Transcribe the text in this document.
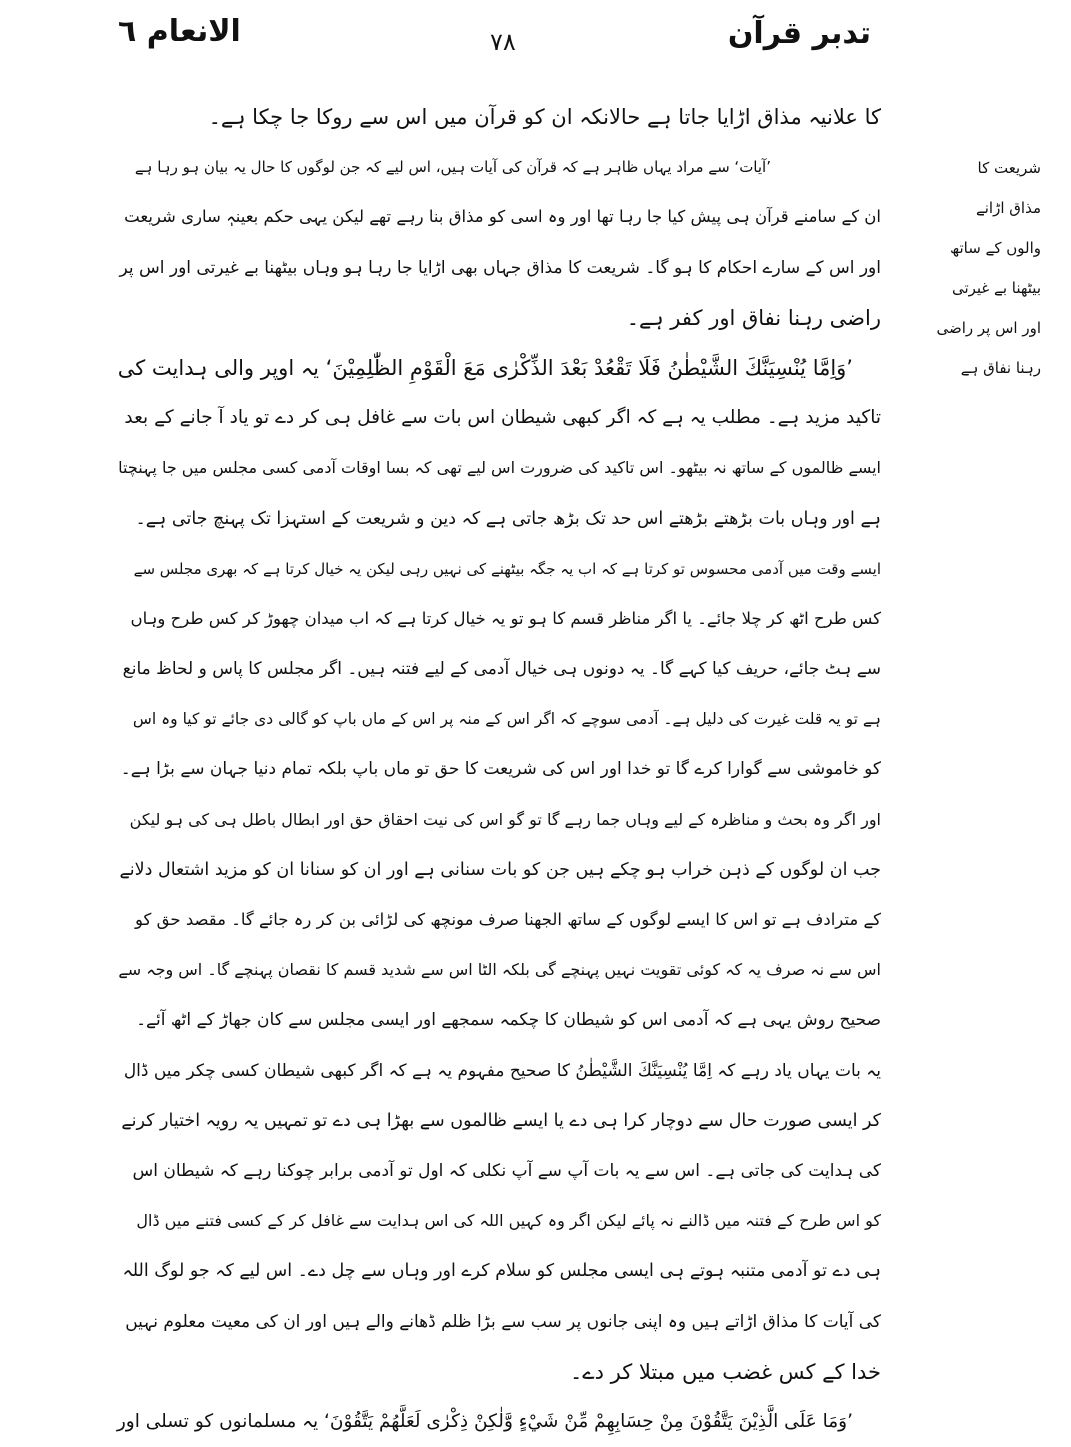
تدبر قرآن
۷۸
الانعام ٦
کا علانیہ مذاق اڑایا جاتا ہے حالانکہ ان کو قرآن میں اس سے روکا جا چکا ہے۔
’آیات‘ سے مراد یہاں ظاہر ہے کہ قرآن کی آیات ہیں، اس لیے کہ جن لوگوں کا حال یہ بیان ہو رہا ہے
ان کے سامنے قرآن ہی پیش کیا جا رہا تھا اور وہ اسی کو مذاق بنا رہے تھے لیکن یہی حکم بعینہٖ ساری شریعت
اور اس کے سارے احکام کا ہو گا۔ شریعت کا مذاق جہاں بھی اڑایا جا رہا ہو وہاں بیٹھنا بے غیرتی اور اس پر
راضی رہنا نفاق اور کفر ہے۔
’وَاِمَّا يُنْسِيَنَّكَ الشَّيْطٰنُ فَلَا تَقْعُدْ بَعْدَ الذِّكْرٰى مَعَ الْقَوْمِ الظّٰلِمِيْنَ‘ یہ اوپر والی ہدایت کی
تاکید مزید ہے۔ مطلب یہ ہے کہ اگر کبھی شیطان اس بات سے غافل ہی کر دے تو یاد آ جانے کے بعد
ایسے ظالموں کے ساتھ نہ بیٹھو۔ اس تاکید کی ضرورت اس لیے تھی کہ بسا اوقات آدمی کسی مجلس میں جا پہنچتا
ہے اور وہاں بات بڑھتے بڑھتے اس حد تک بڑھ جاتی ہے کہ دین و شریعت کے استہزا تک پہنچ جاتی ہے۔
ایسے وقت میں آدمی محسوس تو کرتا ہے کہ اب یہ جگہ بیٹھنے کی نہیں رہی لیکن یہ خیال کرتا ہے کہ بھری مجلس سے
کس طرح اٹھ کر چلا جائے۔ یا اگر مناظر قسم کا ہو تو یہ خیال کرتا ہے کہ اب میدان چھوڑ کر کس طرح وہاں
سے ہٹ جائے، حریف کیا کہے گا۔ یہ دونوں ہی خیال آدمی کے لیے فتنہ ہیں۔ اگر مجلس کا پاس و لحاظ مانع
ہے تو یہ قلت غیرت کی دلیل ہے۔ آدمی سوچے کہ اگر اس کے منہ پر اس کے ماں باپ کو گالی دی جائے تو کیا وہ اس
کو خاموشی سے گوارا کرے گا تو خدا اور اس کی شریعت کا حق تو ماں باپ بلکہ تمام دنیا جہان سے بڑا ہے۔
اور اگر وہ بحث و مناظرہ کے لیے وہاں جما رہے گا تو گو اس کی نیت احقاق حق اور ابطال باطل ہی کی ہو لیکن
جب ان لوگوں کے ذہن خراب ہو چکے ہیں جن کو بات سنانی ہے اور ان کو سنانا ان کو مزید اشتعال دلانے
کے مترادف ہے تو اس کا ایسے لوگوں کے ساتھ الجھنا صرف مونچھ کی لڑائی بن کر رہ جائے گا۔ مقصد حق کو
اس سے نہ صرف یہ کہ کوئی تقویت نہیں پہنچے گی بلکہ الٹا اس سے شدید قسم کا نقصان پہنچے گا۔ اس وجہ سے
صحیح روش یہی ہے کہ آدمی اس کو شیطان کا چکمہ سمجھے اور ایسی مجلس سے کان جھاڑ کے اٹھ آئے۔
یہ بات یہاں یاد رہے کہ اِمَّا يُنْسِيَنَّكَ الشَّيْطٰنُ کا صحیح مفہوم یہ ہے کہ اگر کبھی شیطان کسی چکر میں ڈال
کر ایسی صورت حال سے دوچار کرا ہی دے یا ایسے ظالموں سے بھڑا ہی دے تو تمہیں یہ رویہ اختیار کرنے
کی ہدایت کی جاتی ہے۔ اس سے یہ بات آپ سے آپ نکلی کہ اول تو آدمی برابر چوکنا رہے کہ شیطان اس
کو اس طرح کے فتنہ میں ڈالنے نہ پائے لیکن اگر وہ کہیں اللہ کی اس ہدایت سے غافل کر کے کسی فتنے میں ڈال
ہی دے تو آدمی متنبہ ہوتے ہی ایسی مجلس کو سلام کرے اور وہاں سے چل دے۔ اس لیے کہ جو لوگ اللہ
کی آیات کا مذاق اڑاتے ہیں وہ اپنی جانوں پر سب سے بڑا ظلم ڈھانے والے ہیں اور ان کی معیت معلوم نہیں
خدا کے کس غضب میں مبتلا کر دے۔
’وَمَا عَلَى الَّذِيْنَ يَتَّقُوْنَ مِنْ حِسَابِهِمْ مِّنْ شَيْءٍ وَّلٰكِنْ ذِكْرٰى لَعَلَّهُمْ يَتَّقُوْنَ‘ یہ مسلمانوں کو تسلی اور
شریعت کا
مذاق اڑانے
والوں کے ساتھ
بیٹھنا بے غیرتی
اور اس پر راضی
رہنا نفاق ہے
